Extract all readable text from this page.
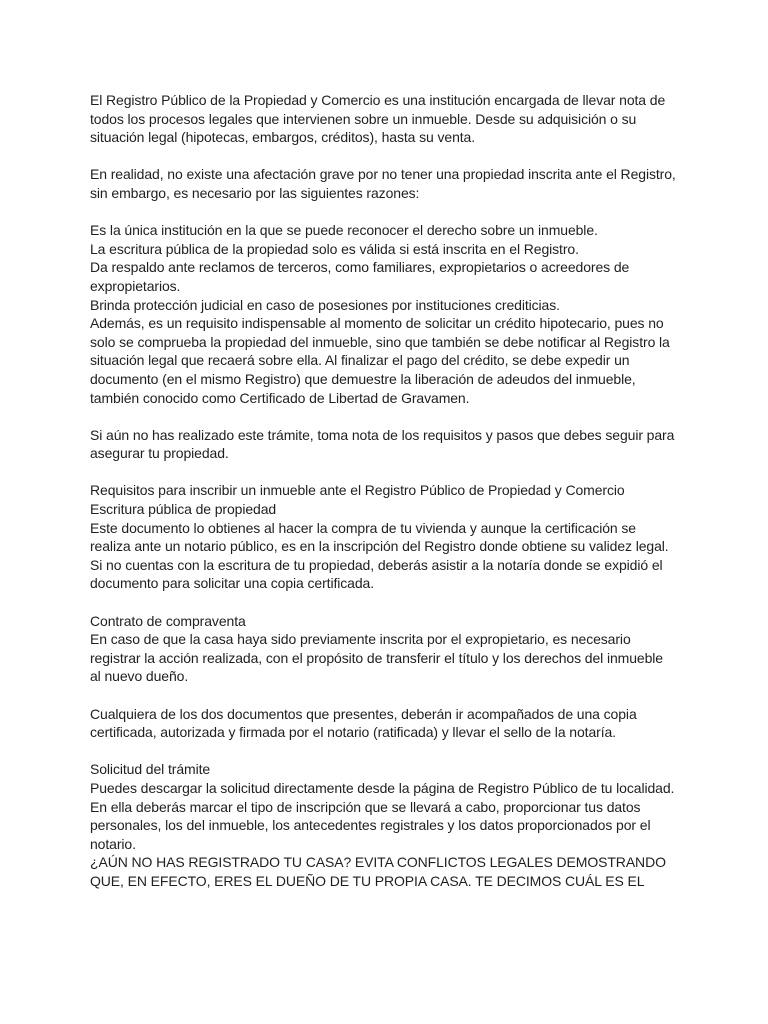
El Registro Público de la Propiedad y Comercio es una institución encargada de llevar nota de
todos los procesos legales que intervienen sobre un inmueble. Desde su adquisición o su
situación legal (hipotecas, embargos, créditos), hasta su venta.
En realidad, no existe una afectación grave por no tener una propiedad inscrita ante el Registro,
sin embargo, es necesario por las siguientes razones:
Es la única institución en la que se puede reconocer el derecho sobre un inmueble.
La escritura pública de la propiedad solo es válida si está inscrita en el Registro.
Da respaldo ante reclamos de terceros, como familiares, expropietarios o acreedores de
expropietarios.
Brinda protección judicial en caso de posesiones por instituciones crediticias.
Además, es un requisito indispensable al momento de solicitar un crédito hipotecario, pues no
solo se comprueba la propiedad del inmueble, sino que también se debe notificar al Registro la
situación legal que recaerá sobre ella. Al finalizar el pago del crédito, se debe expedir un
documento (en el mismo Registro) que demuestre la liberación de adeudos del inmueble,
también conocido como Certificado de Libertad de Gravamen.
Si aún no has realizado este trámite, toma nota de los requisitos y pasos que debes seguir para
asegurar tu propiedad.
Requisitos para inscribir un inmueble ante el Registro Público de Propiedad y Comercio
Escritura pública de propiedad
Este documento lo obtienes al hacer la compra de tu vivienda y aunque la certificación se
realiza ante un notario público, es en la inscripción del Registro donde obtiene su validez legal.
Si no cuentas con la escritura de tu propiedad, deberás asistir a la notaría donde se expidió el
documento para solicitar una copia certificada.
Contrato de compraventa
En caso de que la casa haya sido previamente inscrita por el expropietario, es necesario
registrar la acción realizada, con el propósito de transferir el título y los derechos del inmueble
al nuevo dueño.
Cualquiera de los dos documentos que presentes, deberán ir acompañados de una copia
certificada, autorizada y firmada por el notario (ratificada) y llevar el sello de la notaría.
Solicitud del trámite
Puedes descargar la solicitud directamente desde la página de Registro Público de tu localidad.
En ella deberás marcar el tipo de inscripción que se llevará a cabo, proporcionar tus datos
personales, los del inmueble, los antecedentes registrales y los datos proporcionados por el
notario.
¿AÚN NO HAS REGISTRADO TU CASA? EVITA CONFLICTOS LEGALES DEMOSTRANDO
QUE, EN EFECTO, ERES EL DUEÑO DE TU PROPIA CASA. TE DECIMOS CUÁL ES EL
